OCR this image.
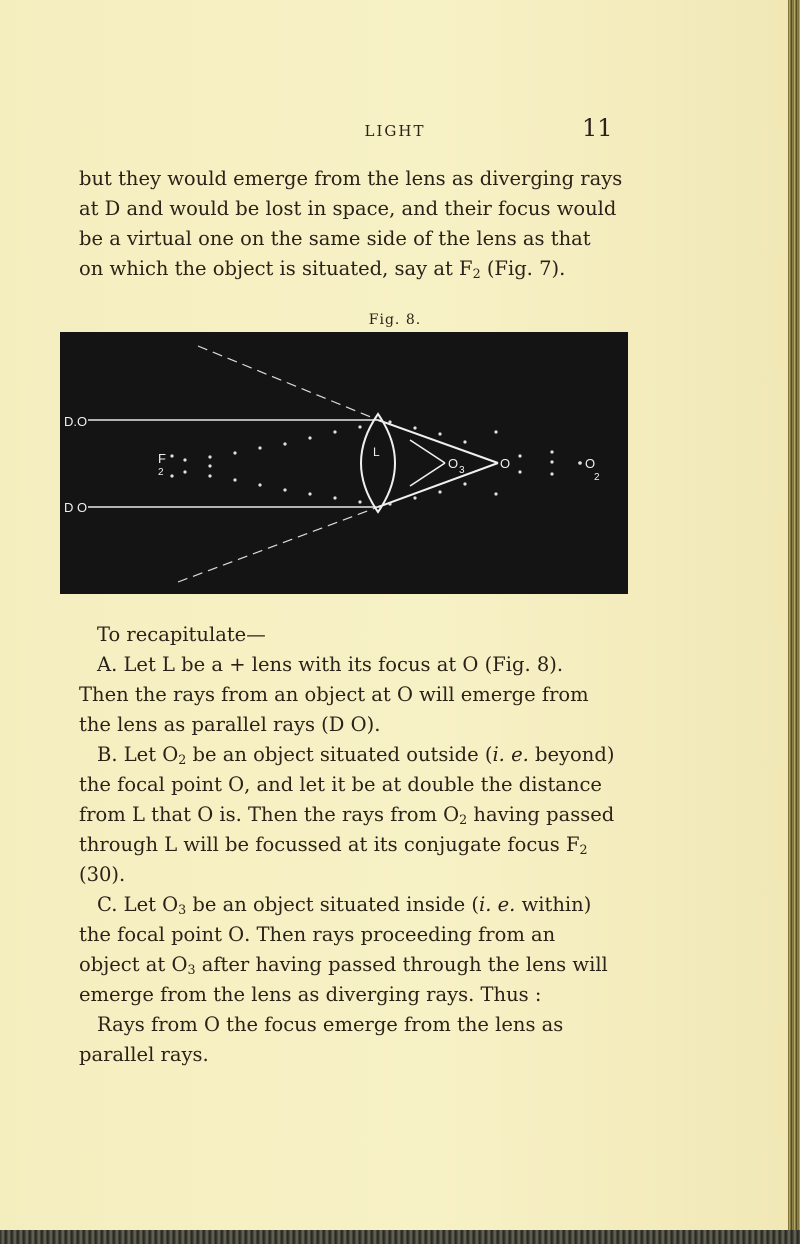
LIGHT	11
but they would emerge from the lens as diverging rays
at D and would be lost in space, and their focus would
be a virtual one on the same side of the lens as that
on which the object is situated, say at $F_2$ (Fig. 7).
Fig. 8.
D.O
D O
F
2
L
O 3	O	O
2
To recapitulate—
A. Let L be a + lens with its focus at O (Fig. 8).
Then the rays from an object at O will emerge from
the lens as parallel rays (D O).
B. Let $O_2$ be an object situated outside (i. e. beyond)
the focal point O, and let it be at double the distance
from L that O is. Then the rays from $O_2$ having passed
through L will be focussed at its conjugate focus $F_2$
(30).
C. Let $O_3$ be an object situated inside (i. e. within)
the focal point O. Then rays proceeding from an
object at $O_3$ after having passed through the lens will
emerge from the lens as diverging rays. Thus :
Rays from O the focus emerge from the lens as
parallel rays.
